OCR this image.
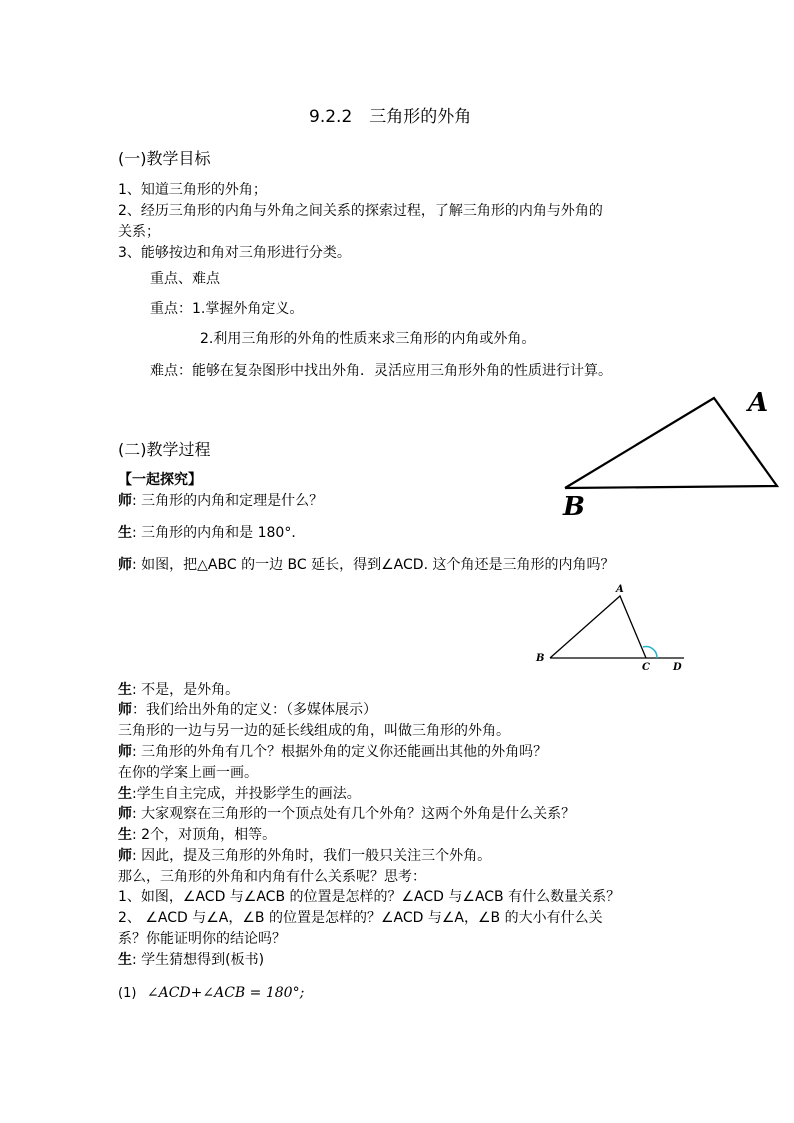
9.2.2　三角形的外角
(一)教学目标
1、知道三角形的外角；
2、经历三角形的内角与外角之间关系的探索过程，了解三角形的内角与外角的
关系；
3、能够按边和角对三角形进行分类。
重点、难点
重点：1.掌握外角定义。
2.利用三角形的外角的性质来求三角形的内角或外角。
难点：能够在复杂图形中找出外角．灵活应用三角形外角的性质进行计算。
A
B
(二)教学过程
【一起探究】
师: 三角形的内角和定理是什么？
生: 三角形的内角和是 180°．
师: 如图，把△ABC 的一边 BC 延长，得到∠ACD. 这个角还是三角形的内角吗？
A
B
C D
生: 不是，是外角。
师：我们给出外角的定义：（多媒体展示）
三角形的一边与另一边的延长线组成的角，叫做三角形的外角。
师: 三角形的外角有几个？根据外角的定义你还能画出其他的外角吗？
在你的学案上画一画。
生:学生自主完成，并投影学生的画法。
师: 大家观察在三角形的一个顶点处有几个外角？这两个外角是什么关系？
生: 2个，对顶角，相等。
师: 因此，提及三角形的外角时，我们一般只关注三个外角。
那么，三角形的外角和内角有什么关系呢？思考：
1、如图，∠ACD 与∠ACB 的位置是怎样的？∠ACD 与∠ACB 有什么数量关系？
2、 ∠ACD 与∠A，∠B 的位置是怎样的？∠ACD 与∠A，∠B 的大小有什么关
系？你能证明你的结论吗？
生: 学生猜想得到(板书)
(1) ∠ACD+∠ACB = 180°;
